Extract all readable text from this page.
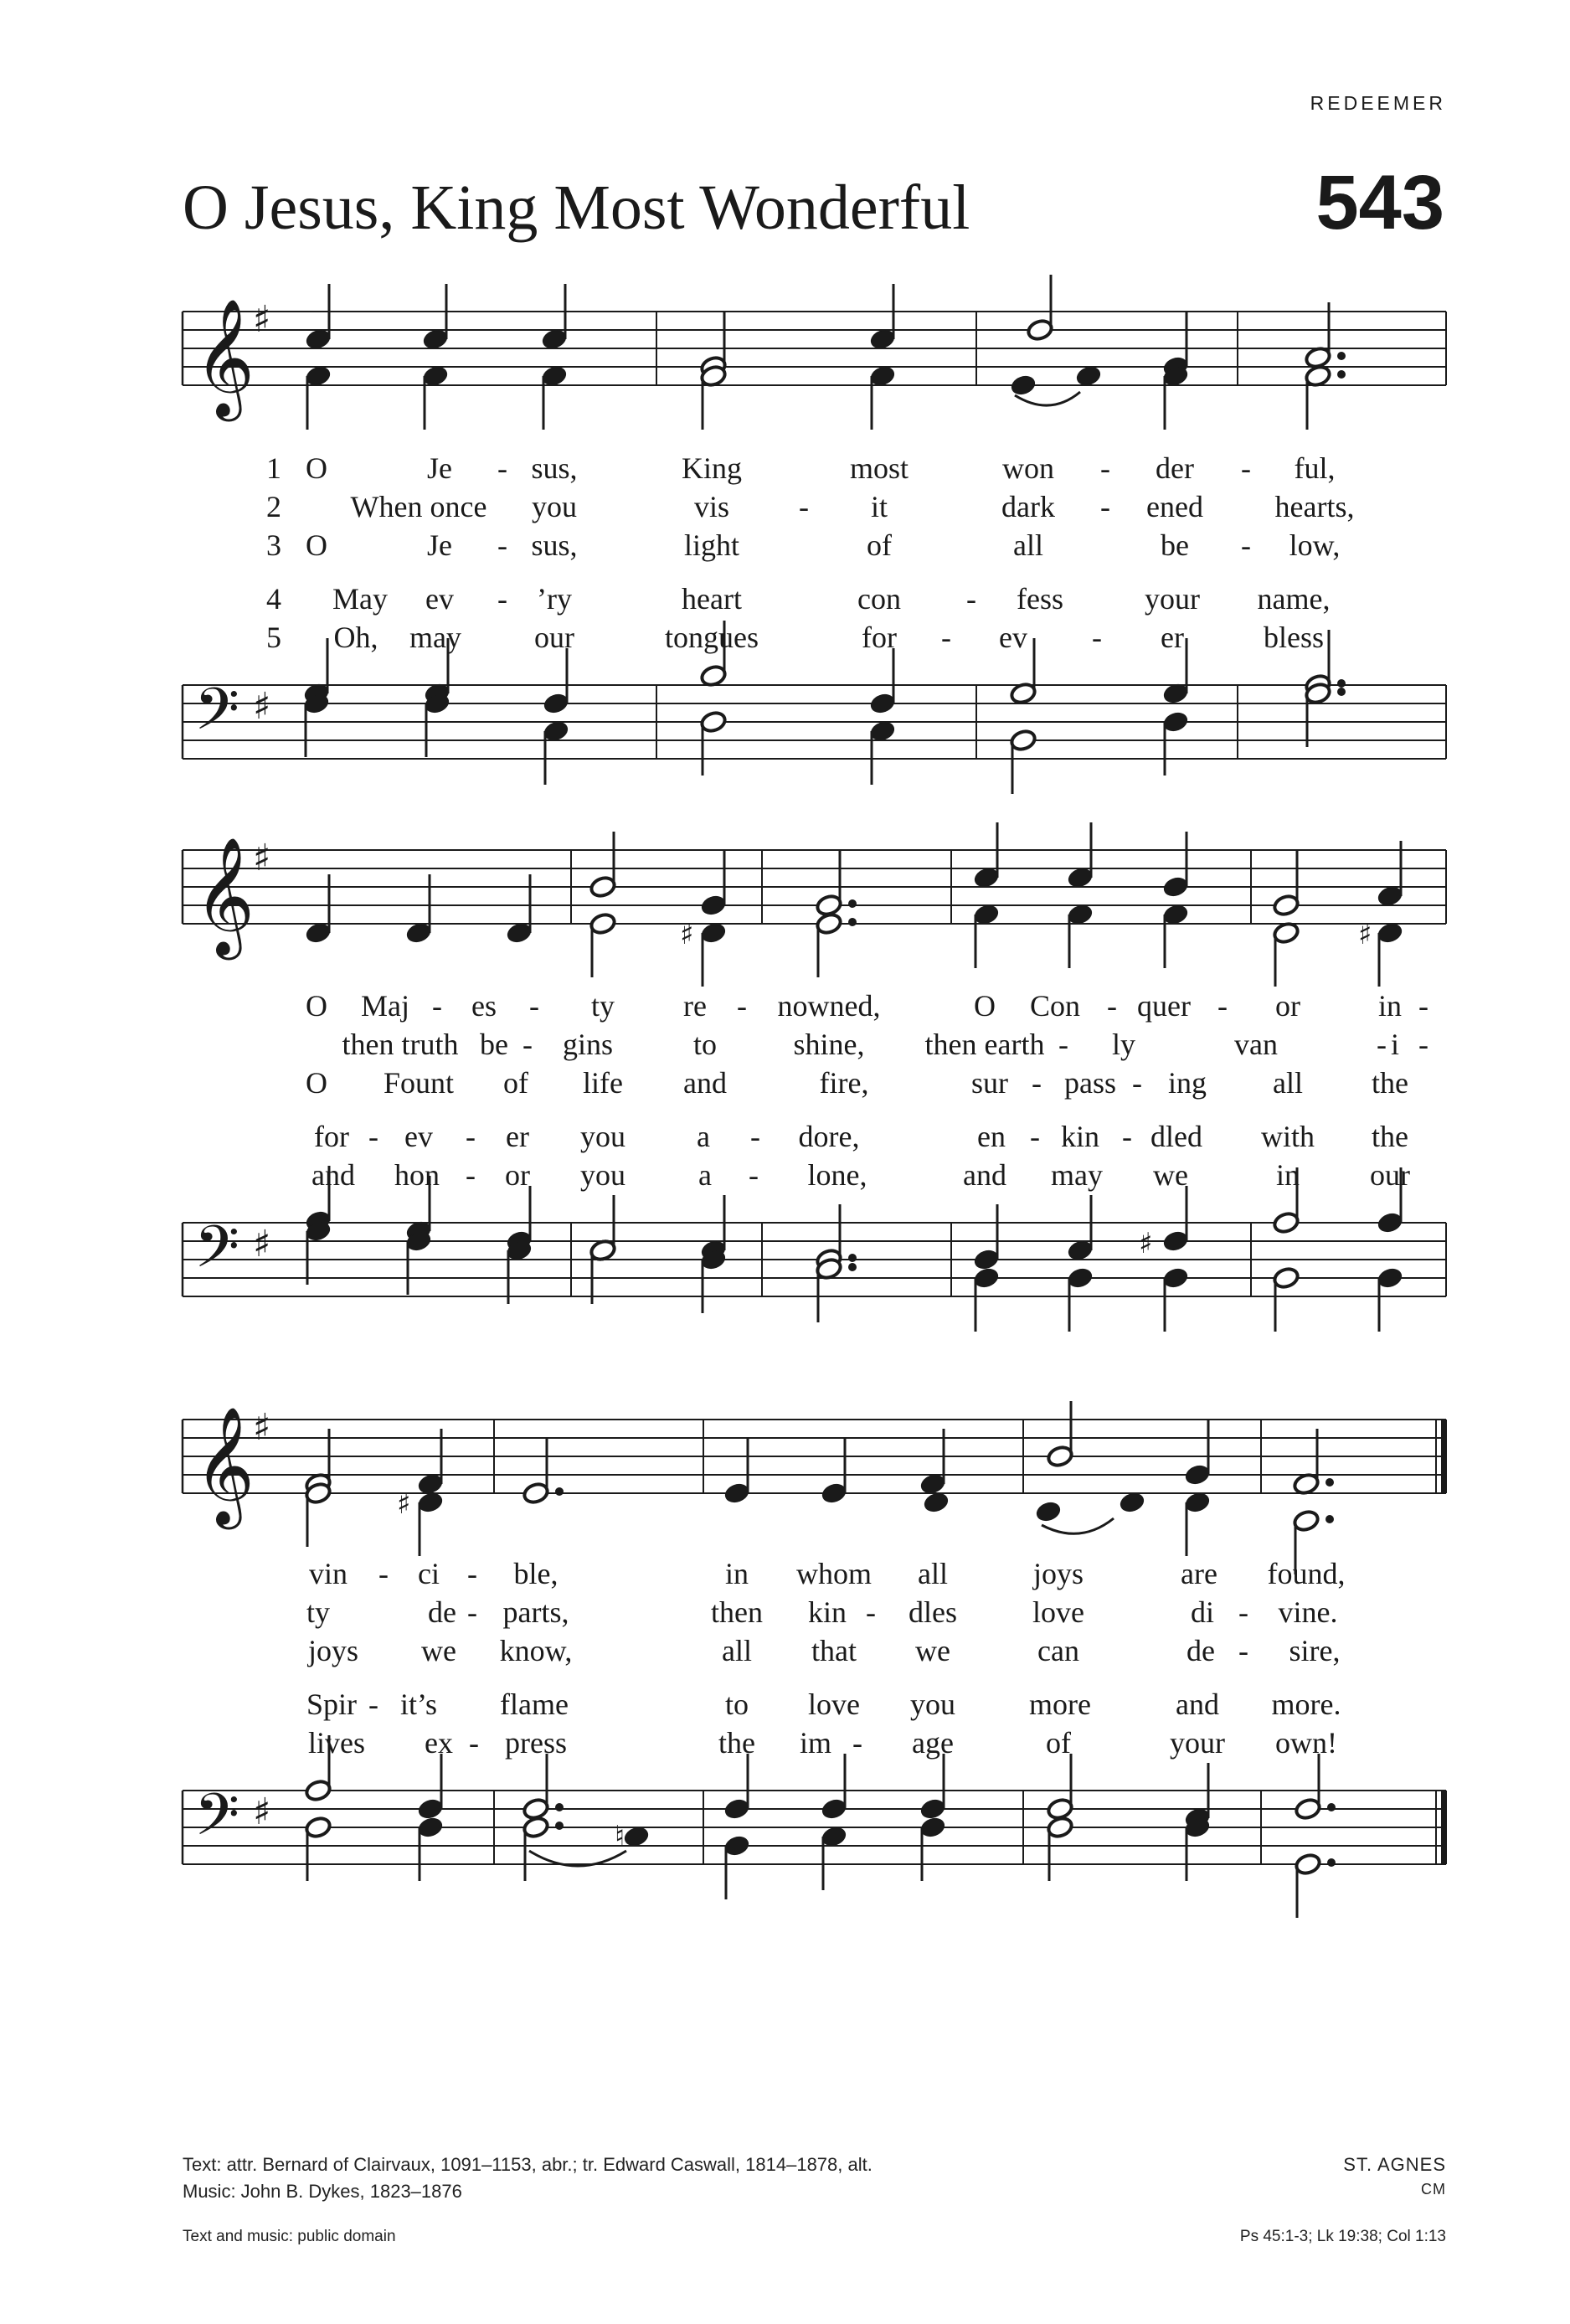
REDEEMER
O Jesus, King Most Wonderful	543
𝄞
♯
𝄢 ♯
𝄞
♯
𝄢 ♯
♯	♯
♯
𝄞
♯
𝄢 ♯
♯
♮
O	Je - sus,	King	most	won - der - ful,
1
When once you	vis - it	dark - ened hearts,
2
O	Je - sus,	light	of	all	be - low,
3
May ev - ’ry	heart	con - fess	your name,
4
Oh, may our	tongues	for - ev - er	bless
5
O Maj - es - ty re - nowned,	O Con - quer - or	in -
then truth be - gins	to	shine, then earth - ly	van	- i -
O Fount of life and	fire,	sur - pass - ing all the
for - ev - er you a - dore,	en - kin - dled with the
and hon - or you a - lone,	and may we	in our
vin - ci - ble,	in whom all	joys	are found,
ty	de - parts,	then kin - dles	love	di - vine.
joys we know,	all that we	can	de - sire,
Spir - it’s flame	to love you more	and more.
lives ex - press	the im - age	of	your own!
Text: attr. Bernard of Clairvaux, 1091–1153, abr.; tr. Edward Caswall, 1814–1878, alt.
Music: John B. Dykes, 1823–1876
Text and music: public domain
ST. AGNES
CM
Ps 45:1-3; Lk 19:38; Col 1:13
